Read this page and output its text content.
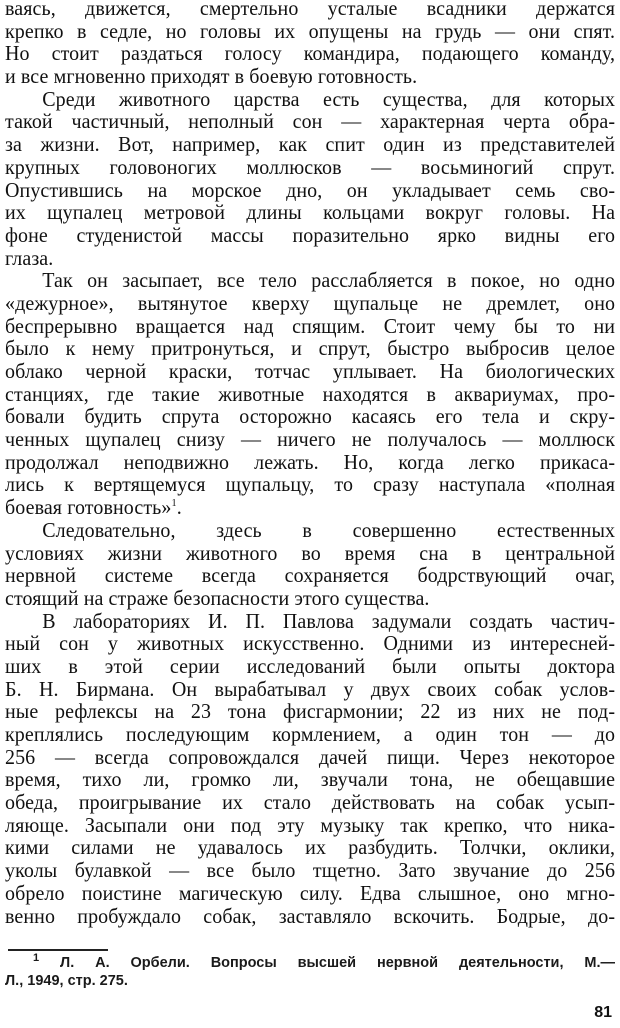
ваясь, движется, смертельно усталые всадники держатся
крепко в седле, но головы их опущены на грудь — они спят.
Но стоит раздаться голосу командира, подающего команду,
и все мгновенно приходят в боевую готовность.
Среди животного царства есть существа, для которых
такой частичный, неполный сон — характерная черта обра-
за жизни. Вот, например, как спит один из представителей
крупных головоногих моллюсков — восьминогий спрут.
Опустившись на морское дно, он укладывает семь сво-
их щупалец метровой длины кольцами вокруг головы. На
фоне студенистой массы поразительно ярко видны его
глаза.
Так он засыпает, все тело расслабляется в покое, но одно
«дежурное», вытянутое кверху щупальце не дремлет, оно
беспрерывно вращается над спящим. Стоит чему бы то ни
было к нему притронуться, и спрут, быстро выбросив целое
облако черной краски, тотчас уплывает. На биологических
станциях, где такие животные находятся в аквариумах, про-
бовали будить спрута осторожно касаясь его тела и скру-
ченных щупалец снизу — ничего не получалось — моллюск
продолжал неподвижно лежать. Но, когда легко прикаса-
лись к вертящемуся щупальцу, то сразу наступала «полная
боевая готовность»$^1$.
Следовательно, здесь в совершенно естественных
условиях жизни животного во время сна в центральной
нервной системе всегда сохраняется бодрствующий очаг,
стоящий на страже безопасности этого существа.
В лабораториях И. П. Павлова задумали создать частич-
ный сон у животных искусственно. Одними из интересней-
ших в этой серии исследований были опыты доктора
Б. Н. Бирмана. Он вырабатывал у двух своих собак услов-
ные рефлексы на 23 тона фисгармонии; 22 из них не под-
креплялись последующим кормлением, а один тон — до
256 — всегда сопровождался дачей пищи. Через некоторое
время, тихо ли, громко ли, звучали тона, не обещавшие
обеда, проигрывание их стало действовать на собак усып-
ляюще. Засыпали они под эту музыку так крепко, что ника-
кими силами не удавалось их разбудить. Толчки, оклики,
уколы булавкой — все было тщетно. Зато звучание до 256
обрело поистине магическую силу. Едва слышное, оно мгно-
венно пробуждало собак, заставляло вскочить. Бодрые, до-
$^1$ Л. А. Орбели. Вопросы высшей нервной деятельности, М.—
Л., 1949, стр. 275.
81
